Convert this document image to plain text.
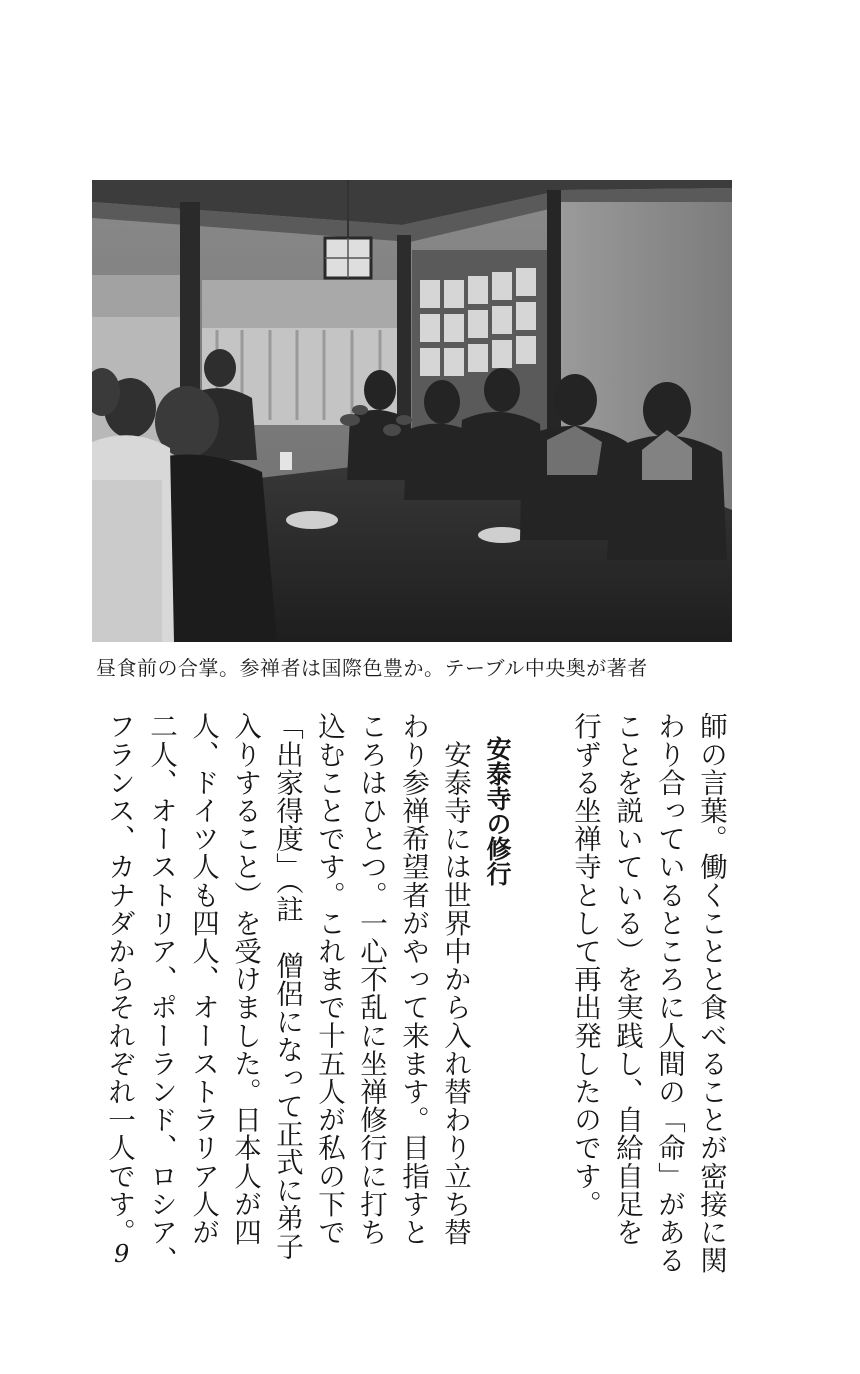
昼食前の合掌。参禅者は国際色豊か。テーブル中央奥が著者
師の言葉。働くことと食べることが密接に関
わり合っているところに人間の「命」がある
ことを説いている）を実践し、自給自足を
行ずる坐禅寺として再出発したのです。
安泰寺の修行
　安泰寺には世界中から入れ替わり立ち替
わり参禅希望者がやって来ます。目指すと
ころはひとつ。一心不乱に坐禅修行に打ち
込むことです。これまで十五人が私の下で
「出家得度」（註　僧侶になって正式に弟子
入りすること）を受けました。日本人が四
人、ドイツ人も四人、オーストラリア人が
二人、オーストリア、ポーランド、ロシア、
フランス、カナダからそれぞれ一人です。
9
